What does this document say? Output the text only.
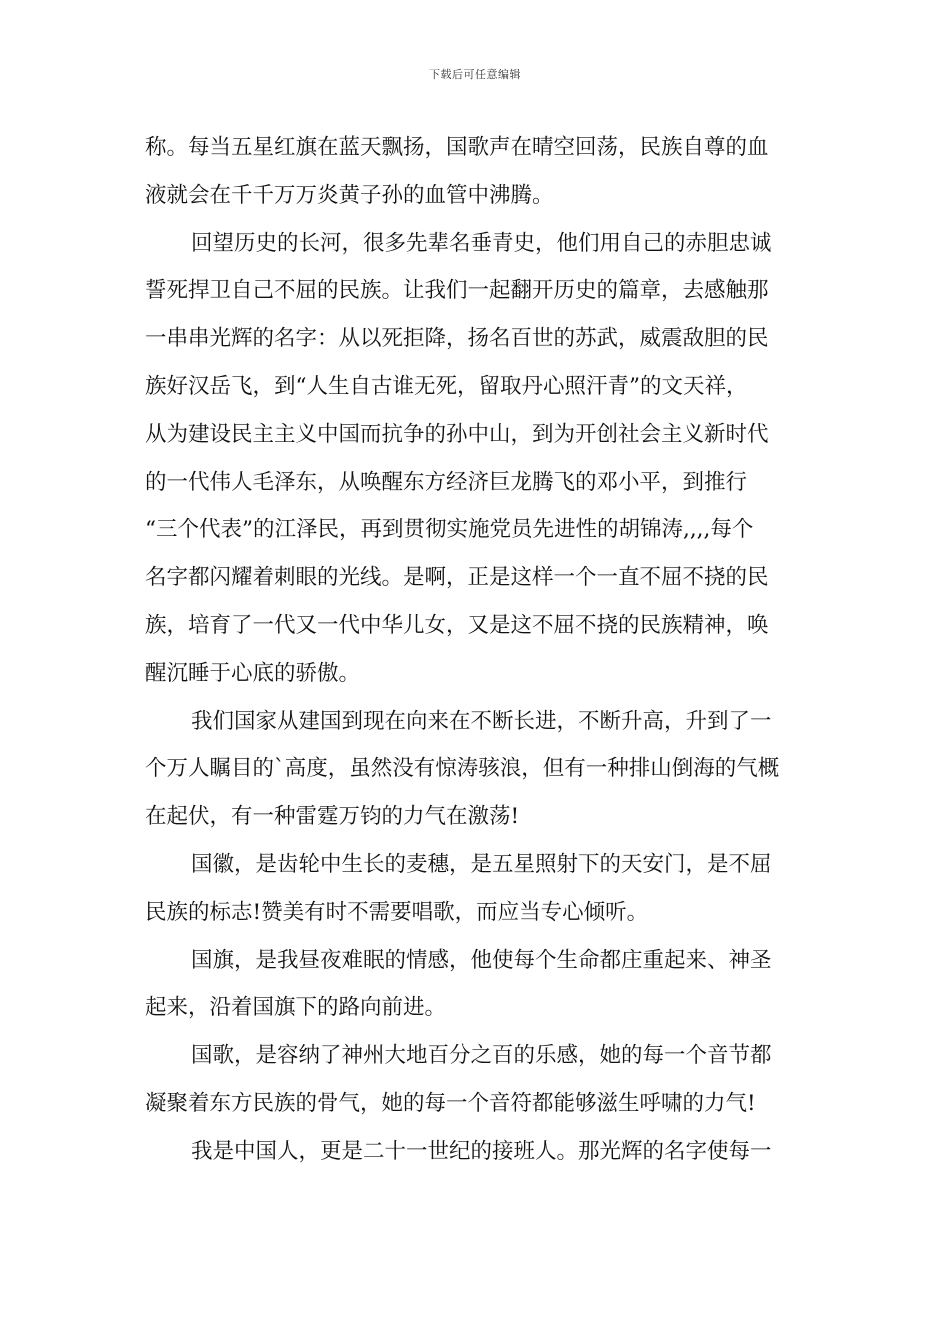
下载后可任意编辑
称。每当五星红旗在蓝天飘扬，国歌声在晴空回荡，民族自尊的血
液就会在千千万万炎黄子孙的血管中沸腾。
回望历史的长河，很多先辈名垂青史，他们用自己的赤胆忠诚
誓死捍卫自己不屈的民族。让我们一起翻开历史的篇章，去感触那
一串串光辉的名字：从以死拒降，扬名百世的苏武，威震敌胆的民
族好汉岳飞，到“人生自古谁无死，留取丹心照汗青”的文天祥，
从为建设民主主义中国而抗争的孙中山，到为开创社会主义新时代
的一代伟人毛泽东，从唤醒东方经济巨龙腾飞的邓小平，到推行
“三个代表”的江泽民，再到贯彻实施党员先进性的胡锦涛,,,,每个
名字都闪耀着刺眼的光线。是啊，正是这样一个一直不屈不挠的民
族，培育了一代又一代中华儿女，又是这不屈不挠的民族精神，唤
醒沉睡于心底的骄傲。
我们国家从建国到现在向来在不断长进，不断升高，升到了一
个万人瞩目的`高度，虽然没有惊涛骇浪，但有一种排山倒海的气概
在起伏，有一种雷霆万钧的力气在激荡!
国徽，是齿轮中生长的麦穗，是五星照射下的天安门，是不屈
民族的标志!赞美有时不需要唱歌，而应当专心倾听。
国旗，是我昼夜难眠的情感，他使每个生命都庄重起来、神圣
起来，沿着国旗下的路向前进。
国歌，是容纳了神州大地百分之百的乐感，她的每一个音节都
凝聚着东方民族的骨气，她的每一个音符都能够滋生呼啸的力气!
我是中国人，更是二十一世纪的接班人。那光辉的名字使每一
